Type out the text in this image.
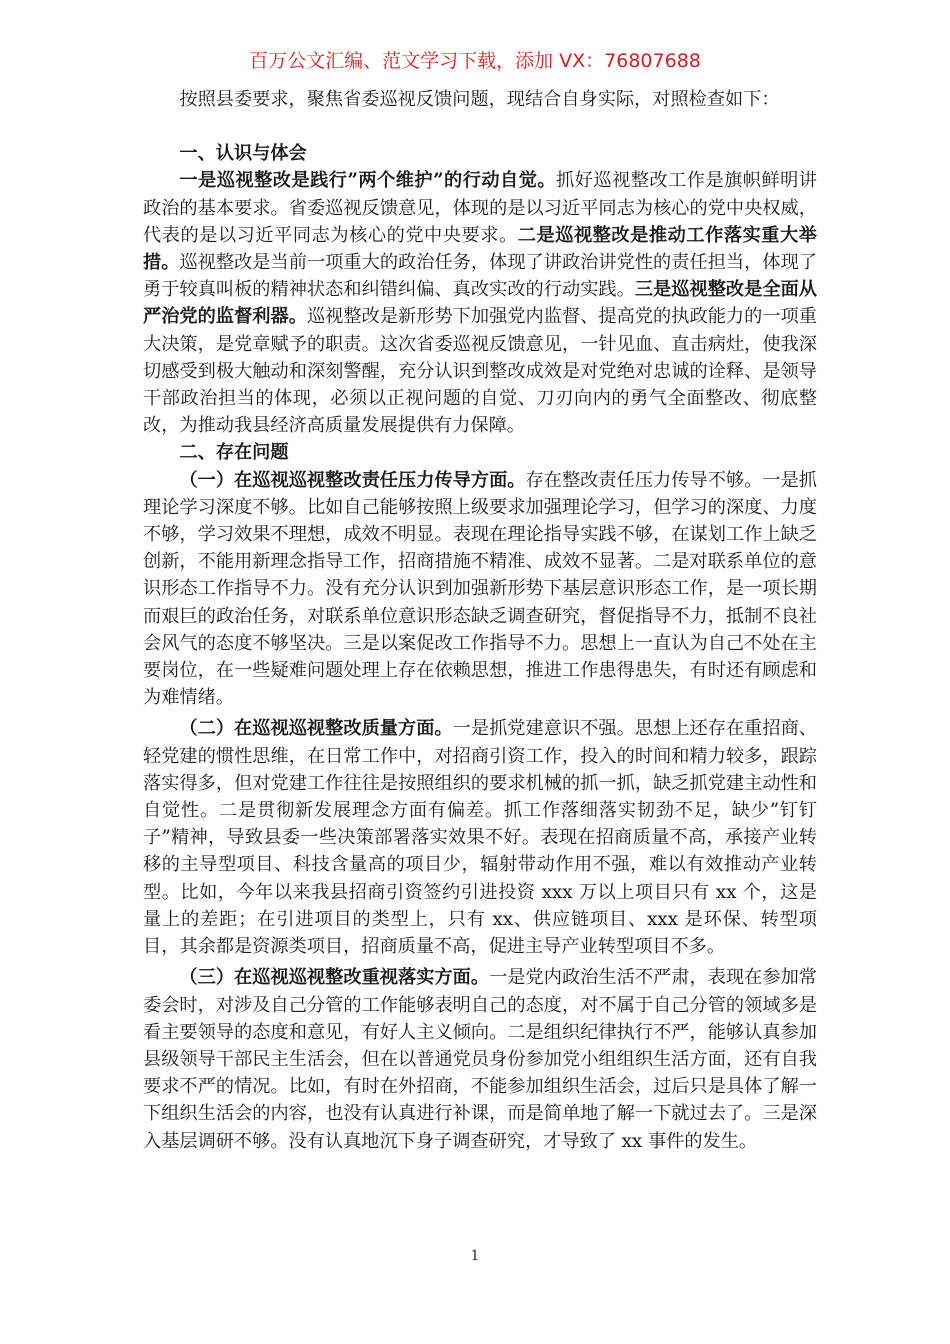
百万公文汇编、范文学习下载，添加 VX：76807688

按照县委要求，聚焦省委巡视反馈问题，现结合自身实际，对照检查如下：

一、认识与体会

一是巡视整改是践行”两个维护”的行动自觉。抓好巡视整改工作是旗帜鲜明讲政治的基本要求。省委巡视反馈意见，体现的是以习近平同志为核心的党中央权威，代表的是以习近平同志为核心的党中央要求。二是巡视整改是推动工作落实重大举措。巡视整改是当前一项重大的政治任务，体现了讲政治讲党性的责任担当，体现了勇于较真叫板的精神状态和纠错纠偏、真改实改的行动实践。三是巡视整改是全面从严治党的监督利器。巡视整改是新形势下加强党内监督、提高党的执政能力的一项重大决策，是党章赋予的职责。这次省委巡视反馈意见，一针见血、直击病灶，使我深切感受到极大触动和深刻警醒，充分认识到整改成效是对党绝对忠诚的诠释、是领导干部政治担当的体现，必须以正视问题的自觉、刀刃向内的勇气全面整改、彻底整改，为推动我县经济高质量发展提供有力保障。

二、存在问题

（一）在巡视巡视整改责任压力传导方面。存在整改责任压力传导不够。一是抓理论学习深度不够。比如自己能够按照上级要求加强理论学习，但学习的深度、力度不够，学习效果不理想，成效不明显。表现在理论指导实践不够，在谋划工作上缺乏创新，不能用新理念指导工作，招商措施不精准、成效不显著。二是对联系单位的意识形态工作指导不力。没有充分认识到加强新形势下基层意识形态工作，是一项长期而艰巨的政治任务，对联系单位意识形态缺乏调查研究，督促指导不力，抵制不良社会风气的态度不够坚决。三是以案促改工作指导不力。思想上一直认为自己不处在主要岗位，在一些疑难问题处理上存在依赖思想，推进工作患得患失，有时还有顾虑和为难情绪。

（二）在巡视巡视整改质量方面。一是抓党建意识不强。思想上还存在重招商、轻党建的惯性思维，在日常工作中，对招商引资工作，投入的时间和精力较多，跟踪落实得多，但对党建工作往往是按照组织的要求机械的抓一抓，缺乏抓党建主动性和自觉性。二是贯彻新发展理念方面有偏差。抓工作落细落实韧劲不足，缺少”钉钉子”精神，导致县委一些决策部署落实效果不好。表现在招商质量不高，承接产业转移的主导型项目、科技含量高的项目少，辐射带动作用不强，难以有效推动产业转型。比如，今年以来我县招商引资签约引进投资 xxx 万以上项目只有 xx 个，这是量上的差距；在引进项目的类型上，只有 xx、供应链项目、xxx 是环保、转型项目，其余都是资源类项目，招商质量不高，促进主导产业转型项目不多。

（三）在巡视巡视整改重视落实方面。一是党内政治生活不严肃，表现在参加常委会时，对涉及自己分管的工作能够表明自己的态度，对不属于自己分管的领域多是看主要领导的态度和意见，有好人主义倾向。二是组织纪律执行不严，能够认真参加县级领导干部民主生活会，但在以普通党员身份参加党小组组织生活方面，还有自我要求不严的情况。比如，有时在外招商，不能参加组织生活会，过后只是具体了解一下组织生活会的内容，也没有认真进行补课，而是简单地了解一下就过去了。三是深入基层调研不够。没有认真地沉下身子调查研究，才导致了 xx 事件的发生。

1
